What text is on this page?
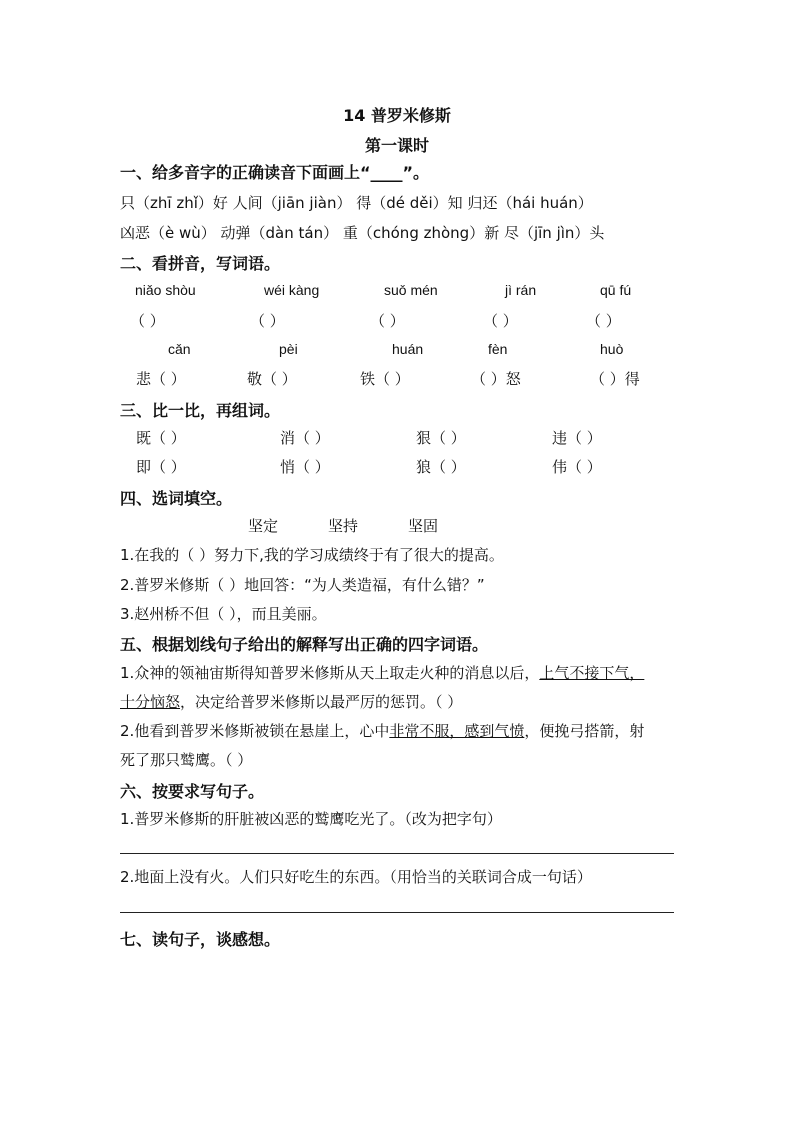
14 普罗米修斯
第一课时
一、给多音字的正确读音下面画上“____”。
只（zhī zhǐ）好 人间（jiān jiàn） 得（dé děi）知 归还（hái huán）
凶恶（è wù） 动弹（dàn tán） 重（chóng zhòng）新 尽（jīn jìn）头
二、看拼音，写词语。
niǎo shòu	wéi kàng	suǒ mén	jì rán	qū fú
（ ）	（ ）	（ ）	（ ）	（ ）
cǎn	pèi	huán	fèn	huò
悲（ ）	敬（ ）	铁（ ）	（ ）怒	（ ）得
三、比一比，再组词。
既（ ）	消（ ）	狠（ ）	违（ ）
即（ ）	悄（ ）	狼（ ）	伟（ ）
四、选词填空。
坚定	坚持	坚固
1.在我的（ ）努力下,我的学习成绩终于有了很大的提高。
2.普罗米修斯（ ）地回答：“为人类造福，有什么错？”
3.赵州桥不但（ ），而且美丽。
五、根据划线句子给出的解释写出正确的四字词语。
1.众神的领袖宙斯得知普罗米修斯从天上取走火种的消息以后，上气不接下气，
十分恼怒，决定给普罗米修斯以最严厉的惩罚。（ ）
2.他看到普罗米修斯被锁在悬崖上，心中非常不服，感到气愤，便挽弓搭箭，射
死了那只鹫鹰。（ ）
六、按要求写句子。
1.普罗米修斯的肝脏被凶恶的鹫鹰吃光了。（改为把字句）
2.地面上没有火。人们只好吃生的东西。（用恰当的关联词合成一句话）
七、读句子，谈感想。
